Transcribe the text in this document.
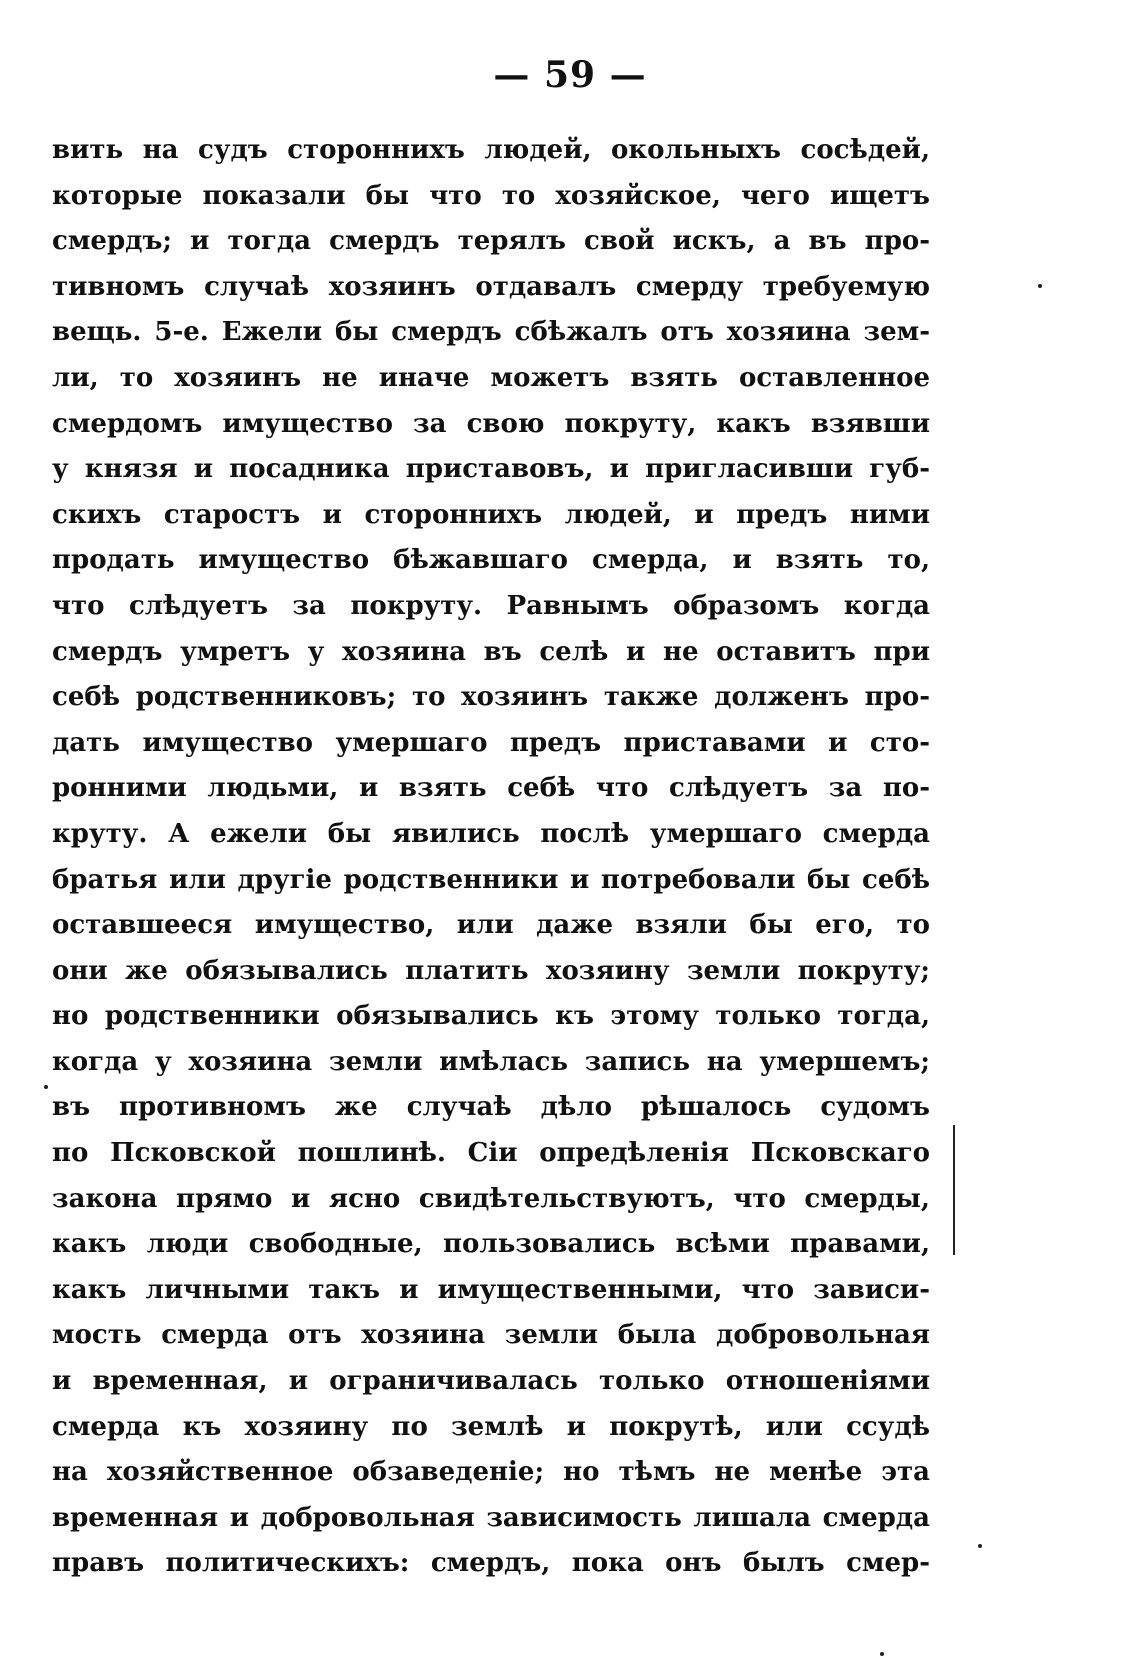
— 59 —
вить на судъ стороннихъ людей, окольныхъ сосѣдей,
которые показали бы что то хозяйское, чего ищетъ
смердъ; и тогда смердъ терялъ свой искъ, а въ про-
тивномъ случаѣ хозяинъ отдавалъ смерду требуемую
вещь. 5-е. Ежели бы смердъ сбѣжалъ отъ хозяина зем-
ли, то хозяинъ не иначе можетъ взять оставленное
смердомъ имущество за свою покруту, какъ взявши
у князя и посадника приставовъ, и пригласивши губ-
скихъ старостъ и стороннихъ людей, и предъ ними
продать имущество бѣжавшаго смерда, и взять то,
что слѣдуетъ за покруту. Равнымъ образомъ когда
смердъ умретъ у хозяина въ селѣ и не оставитъ при
себѣ родственниковъ; то хозяинъ также долженъ про-
дать имущество умершаго предъ приставами и сто-
ронними людьми, и взять себѣ что слѣдуетъ за по-
круту. А ежели бы явились послѣ умершаго смерда
братья или другіе родственники и потребовали бы себѣ
оставшееся имущество, или даже взяли бы его, то
они же обязывались платить хозяину земли покруту;
но родственники обязывались къ этому только тогда,
когда у хозяина земли имѣлась запись на умершемъ;
въ противномъ же случаѣ дѣло рѣшалось судомъ
по Псковской пошлинѣ. Сіи опредѣленія Псковскаго
закона прямо и ясно свидѣтельствуютъ, что смерды,
какъ люди свободные, пользовались всѣми правами,
какъ личными такъ и имущественными, что зависи-
мость смерда отъ хозяина земли была добровольная
и временная, и ограничивалась только отношеніями
смерда къ хозяину по землѣ и покрутѣ, или ссудѣ
на хозяйственное обзаведеніе; но тѣмъ не менѣе эта
временная и добровольная зависимость лишала смерда
правъ политическихъ: смердъ, пока онъ былъ смер-
